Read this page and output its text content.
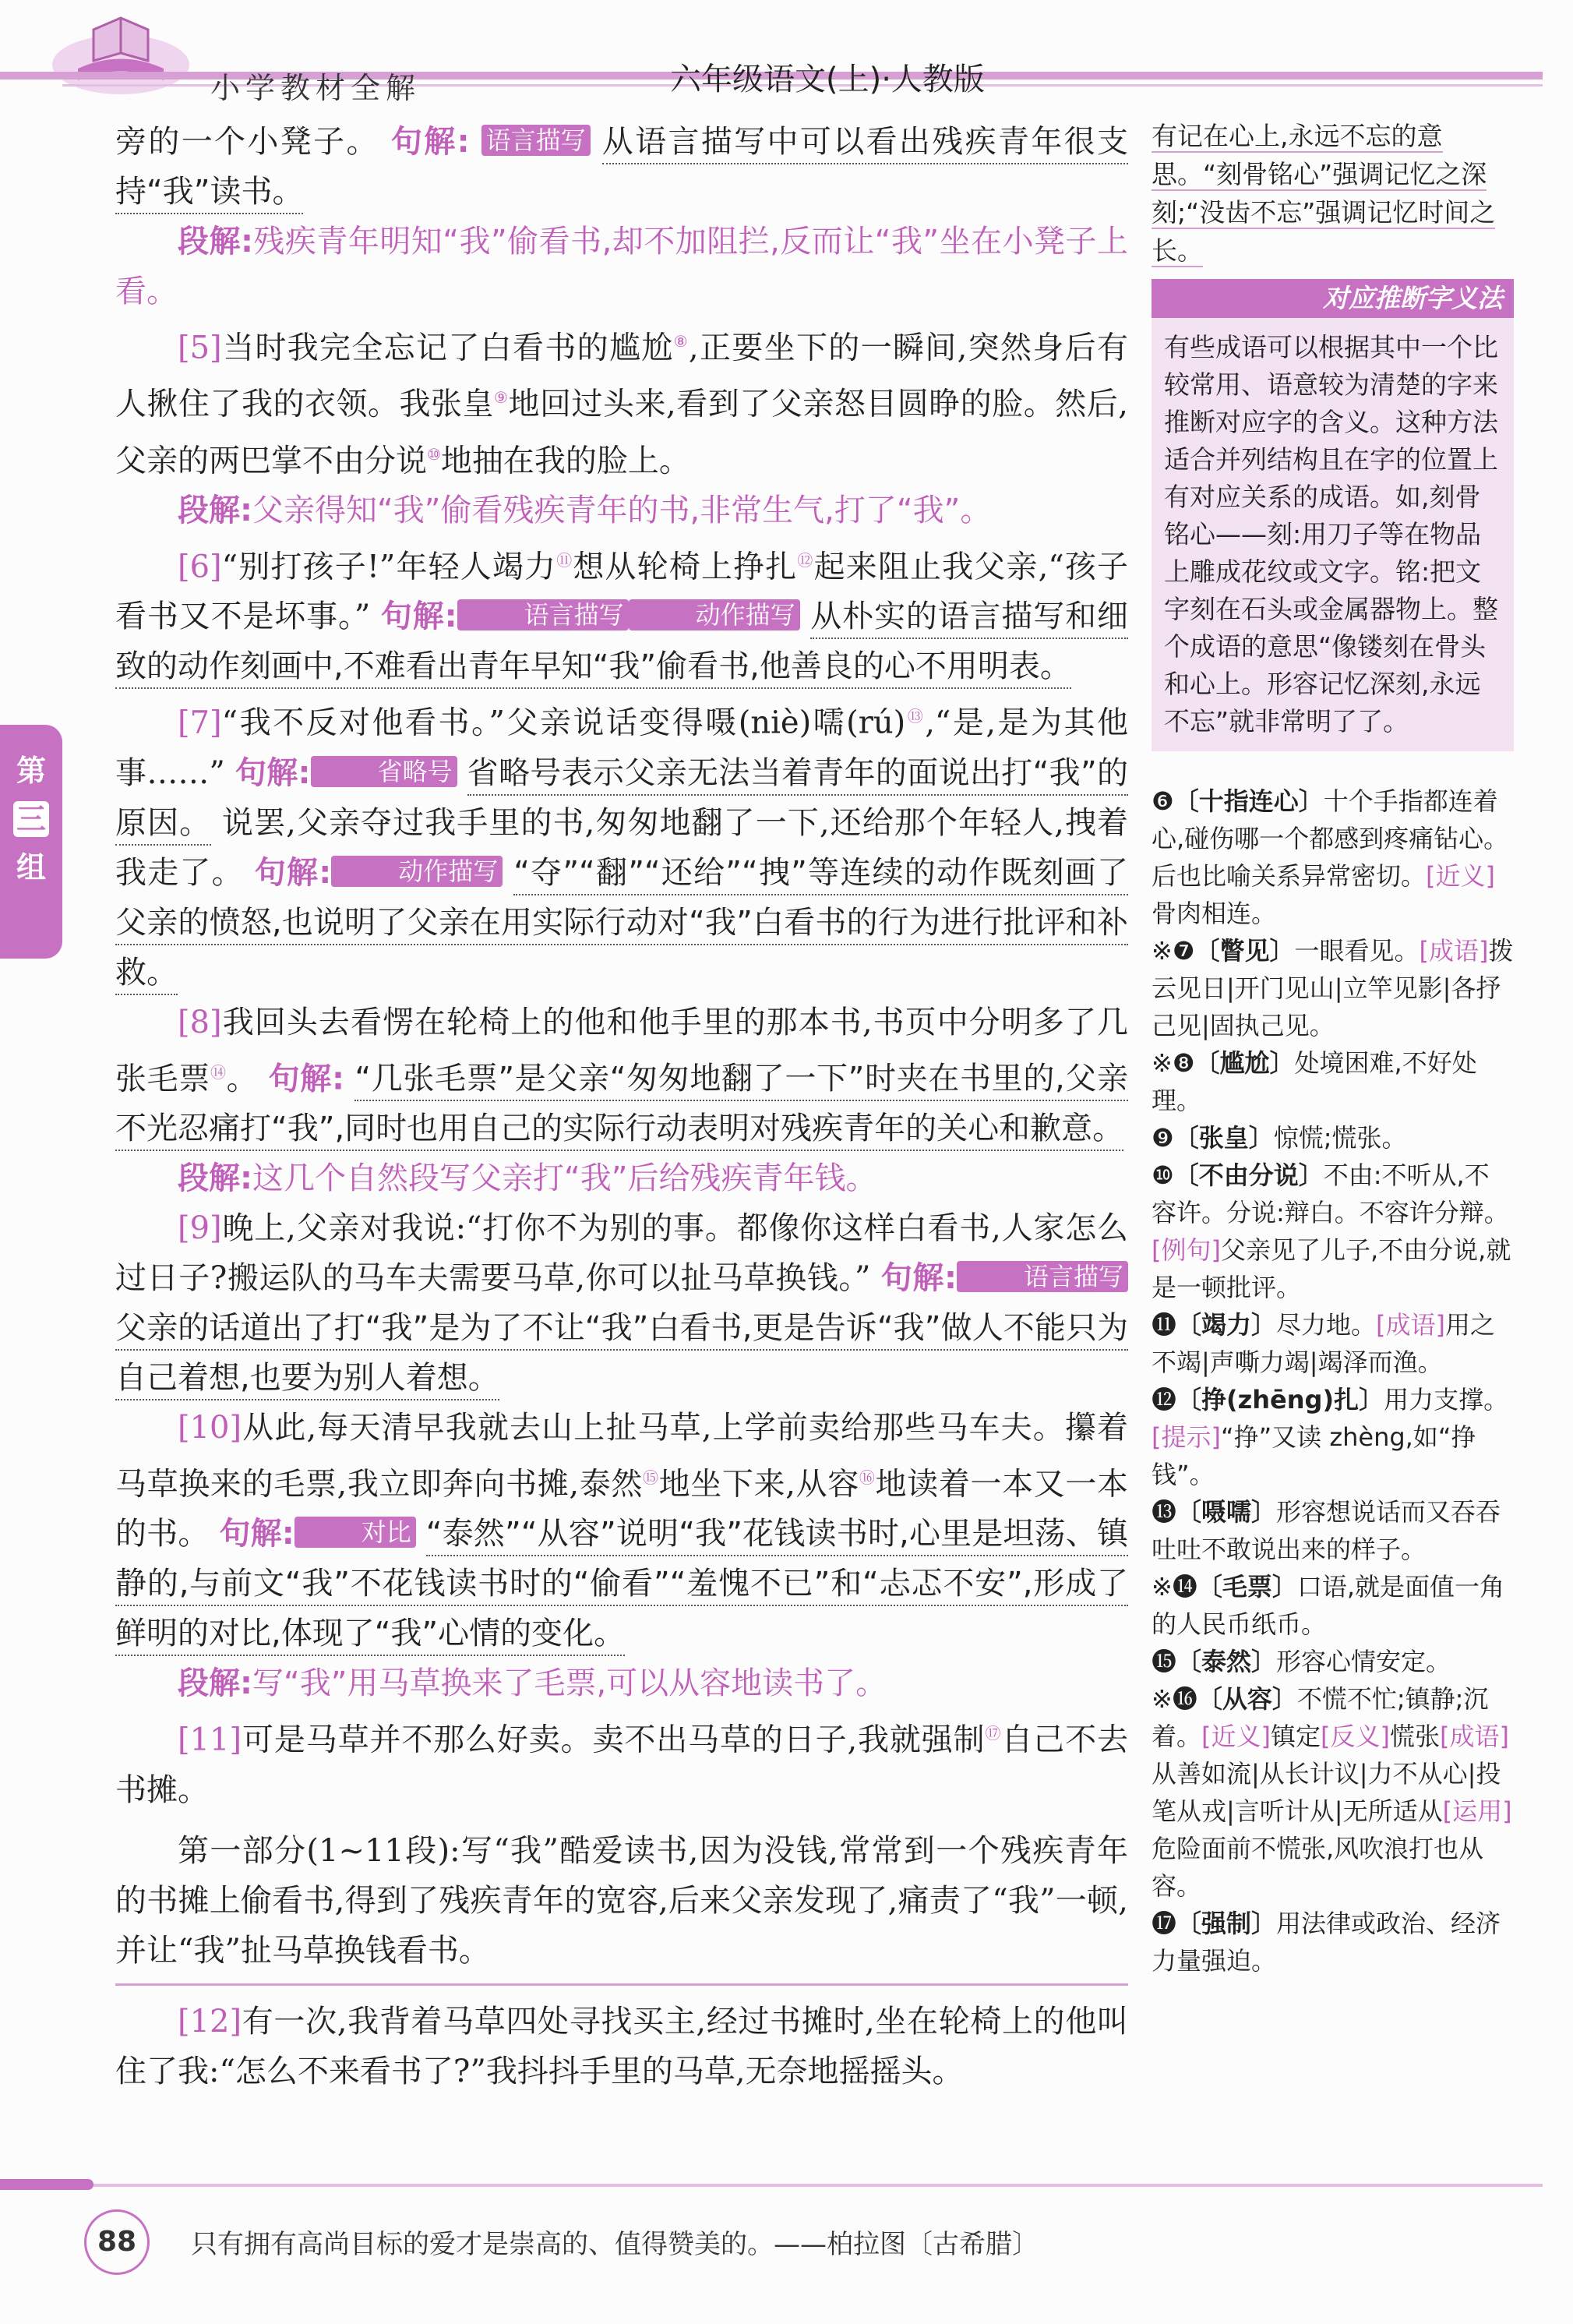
小学教材全解	六年级语文(上)·人教版
第
三
组

旁的一个小凳子。 句解: 语言描写 从语言描写中可以看出残疾青年很支持“我”读书。

段解:残疾青年明知“我”偷看书,却不加阻拦,反而让“我”坐在小凳子上看。

[5]当时我完全忘记了白看书的尴尬⑧,正要坐下的一瞬间,突然身后有人揪住了我的衣领。我张皇⑨地回过头来,看到了父亲怒目圆睁的脸。然后,父亲的两巴掌不由分说⑩地抽在我的脸上。

段解:父亲得知“我”偷看残疾青年的书,非常生气,打了“我”。

[6]“别打孩子!”年轻人竭力⑪想从轮椅上挣扎⑫起来阻止我父亲,“孩子看书又不是坏事。” 句解:	语言描写	动作描写 从朴实的语言描写和细致的动作刻画中,不难看出青年早知“我”偷看书,他善良的心不用明表。

[7]“我不反对他看书。”父亲说话变得嗫(niè)嚅(rú)⑬,“是,是为其他事……” 句解:	省略号 省略号表示父亲无法当着青年的面说出打“我”的原因。 说罢,父亲夺过我手里的书,匆匆地翻了一下,还给那个年轻人,拽着我走了。 句解:	动作描写 “夺”“翻”“还给”“拽”等连续的动作既刻画了父亲的愤怒,也说明了父亲在用实际行动对“我”白看书的行为进行批评和补救。

[8]我回头去看愣在轮椅上的他和他手里的那本书,书页中分明多了几张毛票⑭。 句解: “几张毛票”是父亲“匆匆地翻了一下”时夹在书里的,父亲不光忍痛打“我”,同时也用自己的实际行动表明对残疾青年的关心和歉意。

段解:这几个自然段写父亲打“我”后给残疾青年钱。

[9]晚上,父亲对我说:“打你不为别的事。都像你这样白看书,人家怎么过日子?搬运队的马车夫需要马草,你可以扯马草换钱。” 句解:	语言描写 父亲的话道出了打“我”是为了不让“我”白看书,更是告诉“我”做人不能只为自己着想,也要为别人着想。

[10]从此,每天清早我就去山上扯马草,上学前卖给那些马车夫。攥着马草换来的毛票,我立即奔向书摊,泰然⑮地坐下来,从容⑯地读着一本又一本的书。 句解:	对比 “泰然”“从容”说明“我”花钱读书时,心里是坦荡、镇静的,与前文“我”不花钱读书时的“偷看”“羞愧不已”和“忐忑不安”,形成了鲜明的对比,体现了“我”心情的变化。

段解:写“我”用马草换来了毛票,可以从容地读书了。

[11]可是马草并不那么好卖。卖不出马草的日子,我就强制⑰自己不去书摊。

第一部分(1~11段):写“我”酷爱读书,因为没钱,常常到一个残疾青年的书摊上偷看书,得到了残疾青年的宽容,后来父亲发现了,痛责了“我”一顿,并让“我”扯马草换钱看书。

[12]有一次,我背着马草四处寻找买主,经过书摊时,坐在轮椅上的他叫住了我:“怎么不来看书了?”我抖抖手里的马草,无奈地摇摇头。

有记在心上,永远不忘的意思。“刻骨铭心”强调记忆之深刻;“没齿不忘”强调记忆时间之长。
对应推断字义法
有些成语可以根据其中一个比较常用、语意较为清楚的字来推断对应字的含义。这种方法适合并列结构且在字的位置上有对应关系的成语。如,刻骨铭心——刻:用刀子等在物品上雕成花纹或文字。铭:把文字刻在石头或金属器物上。整个成语的意思“像镂刻在骨头和心上。形容记忆深刻,永远不忘”就非常明了了。
❻〔十指连心〕十个手指都连着心,碰伤哪一个都感到疼痛钻心。后也比喻关系异常密切。[近义]骨肉相连。
※❼〔瞥见〕一眼看见。[成语]拨云见日|开门见山|立竿见影|各抒己见|固执己见。
※❽〔尴尬〕处境困难,不好处理。
❾〔张皇〕惊慌;慌张。
❿〔不由分说〕不由:不听从,不容许。分说:辩白。不容许分辩。[例句]父亲见了儿子,不由分说,就是一顿批评。
⓫〔竭力〕尽力地。[成语]用之不竭|声嘶力竭|竭泽而渔。
⓬〔挣(zhēng)扎〕用力支撑。[提示]“挣”又读 zhèng,如“挣钱”。
⓭〔嗫嚅〕形容想说话而又吞吞吐吐不敢说出来的样子。
※⓮〔毛票〕口语,就是面值一角的人民币纸币。
⓯〔泰然〕形容心情安定。
※⓰〔从容〕不慌不忙;镇静;沉着。[近义]镇定[反义]慌张[成语]从善如流|从长计议|力不从心|投笔从戎|言听计从|无所适从[运用]危险面前不慌张,风吹浪打也从容。
⓱〔强制〕用法律或政治、经济力量强迫。
88	只有拥有高尚目标的爱才是崇高的、值得赞美的。——柏拉图〔古希腊〕
